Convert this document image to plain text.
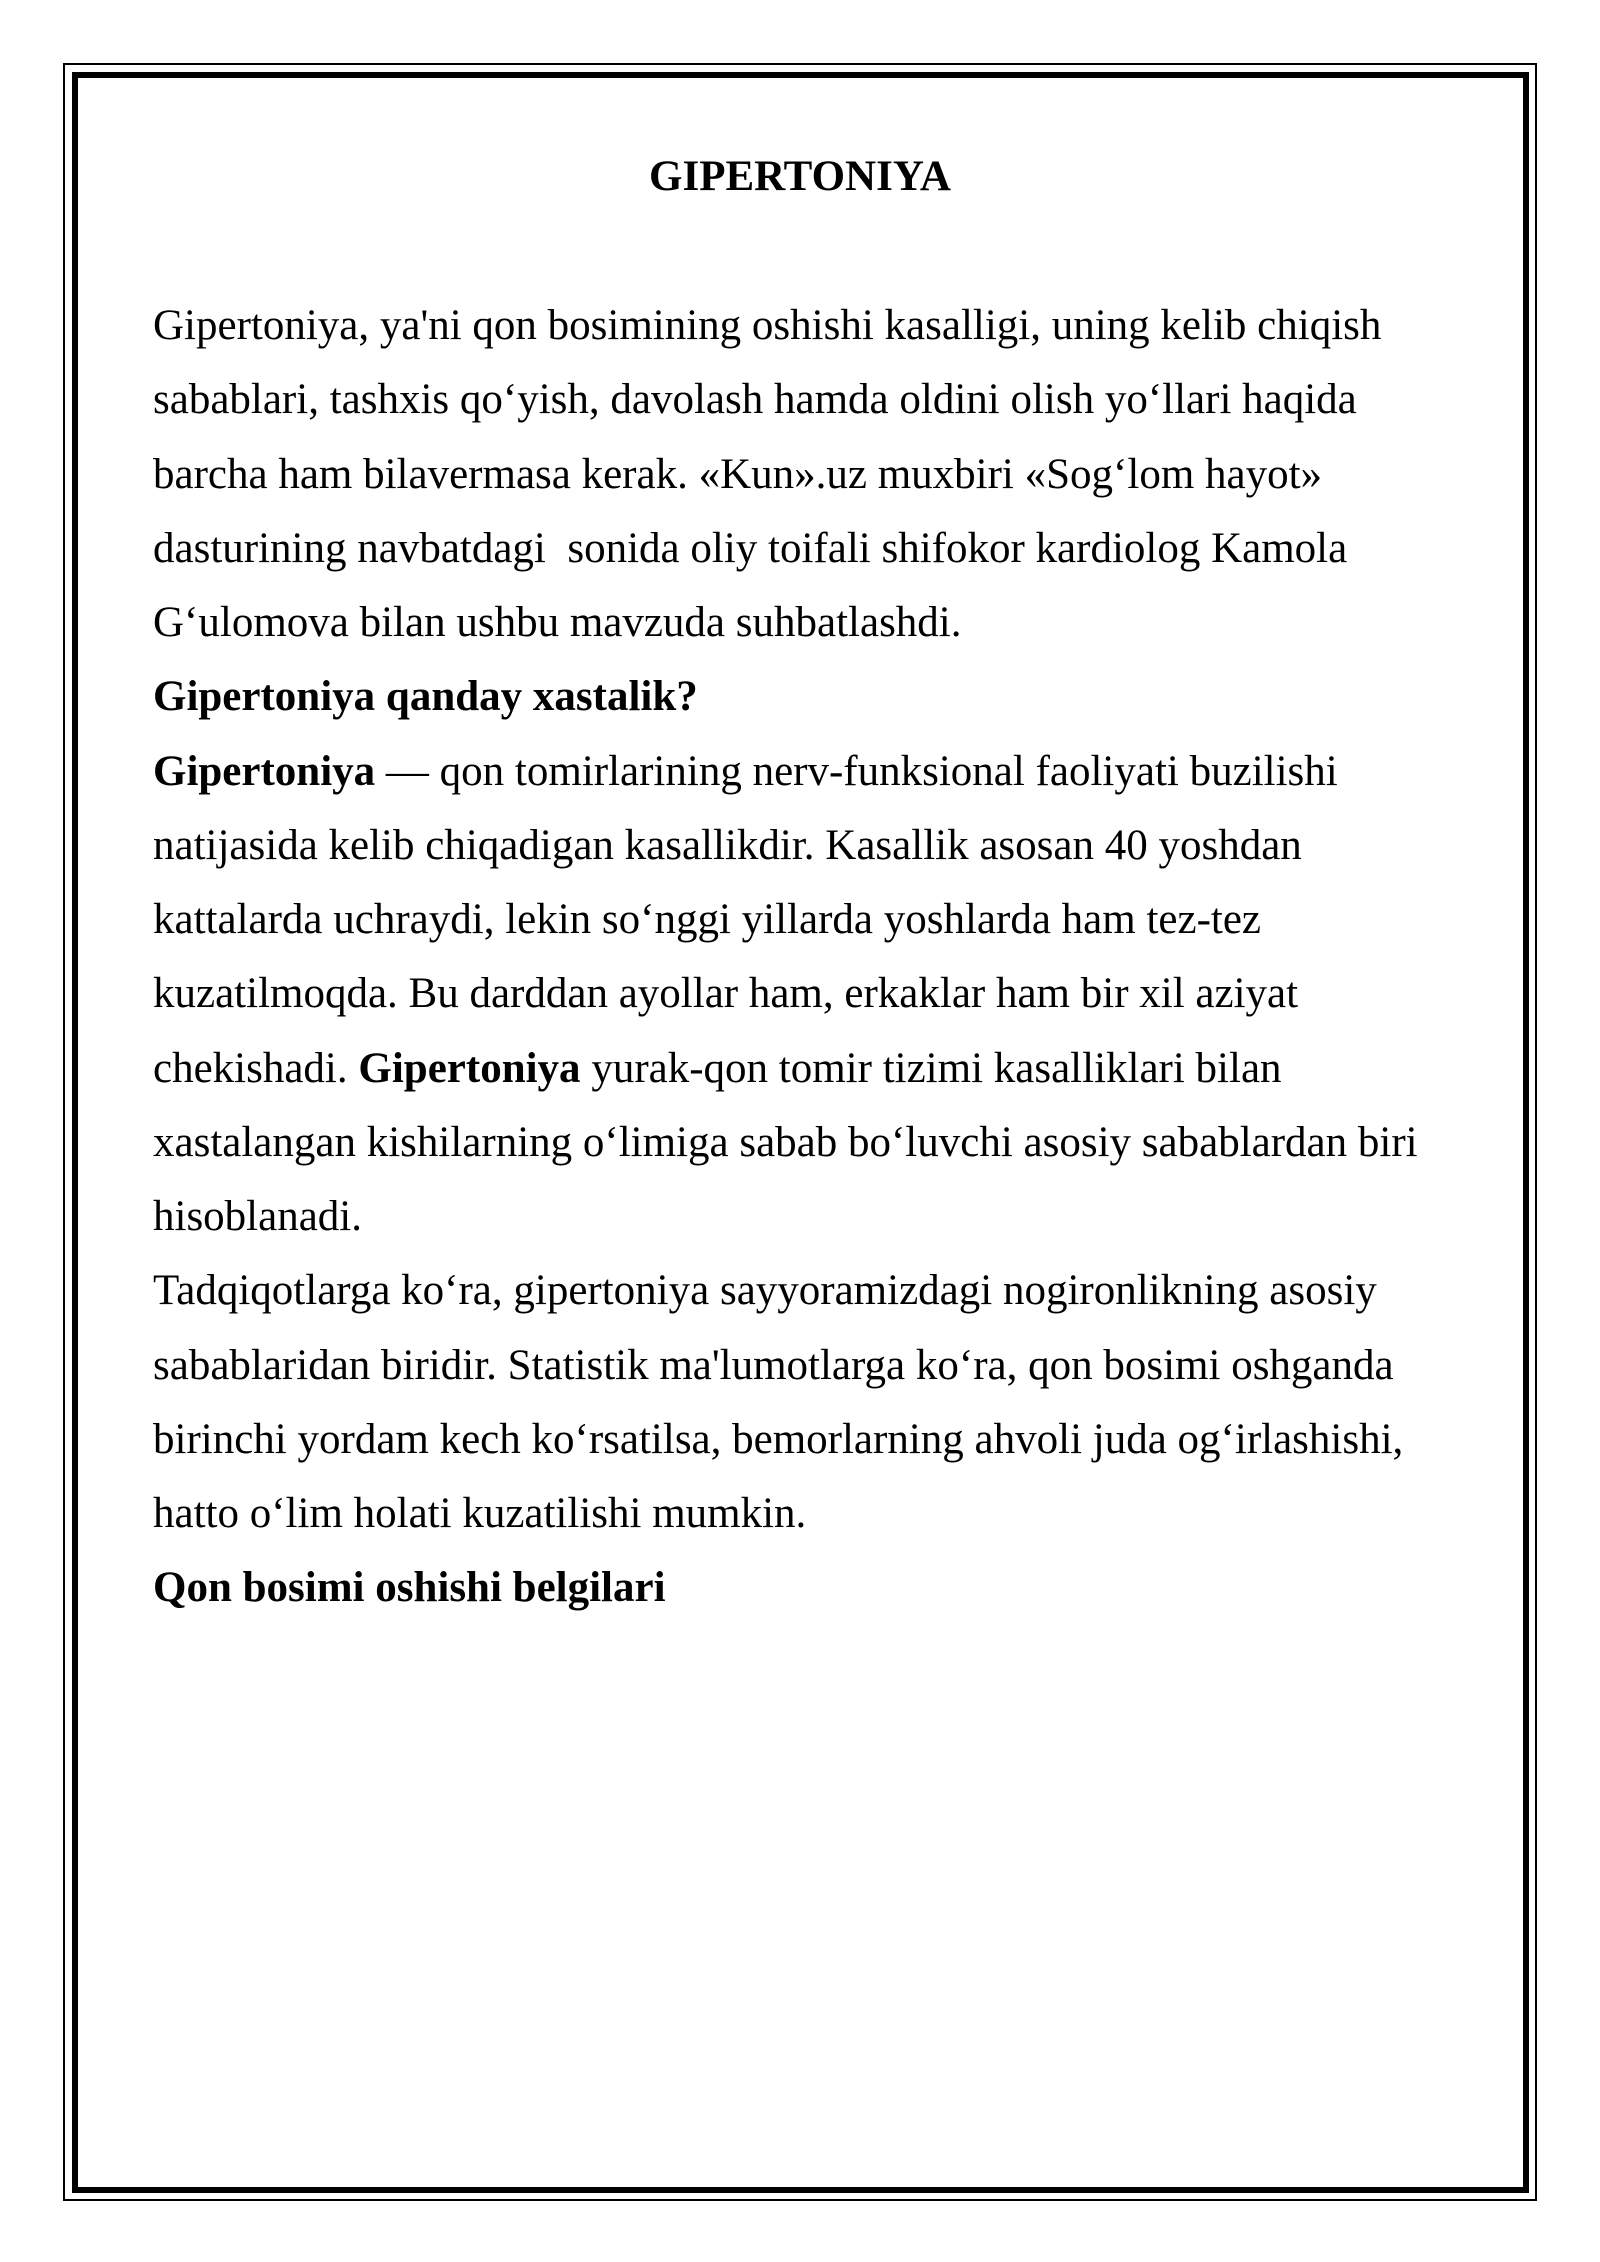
GIPERTONIYA
Gipertoniya, ya'ni qon bosimining oshishi kasalligi, uning kelib chiqish
sabablari, tashxis qo‘yish, davolash hamda oldini olish yo‘llari haqida
barcha ham bilavermasa kerak. «Kun».uz muxbiri «Sog‘lom hayot»
dasturining navbatdagi  sonida oliy toifali shifokor kardiolog Kamola
G‘ulomova bilan ushbu mavzuda suhbatlashdi.
Gipertoniya qanday xastalik?
Gipertoniya — qon tomirlarining nerv-funksional faoliyati buzilishi
natijasida kelib chiqadigan kasallikdir. Kasallik asosan 40 yoshdan
kattalarda uchraydi, lekin so‘nggi yillarda yoshlarda ham tez-tez
kuzatilmoqda. Bu darddan ayollar ham, erkaklar ham bir xil aziyat
chekishadi. Gipertoniya yurak-qon tomir tizimi kasalliklari bilan
xastalangan kishilarning o‘limiga sabab bo‘luvchi asosiy sabablardan biri
hisoblanadi.
Tadqiqotlarga ko‘ra, gipertoniya sayyoramizdagi nogironlikning asosiy
sabablaridan biridir. Statistik ma'lumotlarga ko‘ra, qon bosimi oshganda
birinchi yordam kech ko‘rsatilsa, bemorlarning ahvoli juda og‘irlashishi,
hatto o‘lim holati kuzatilishi mumkin.
Qon bosimi oshishi belgilari
